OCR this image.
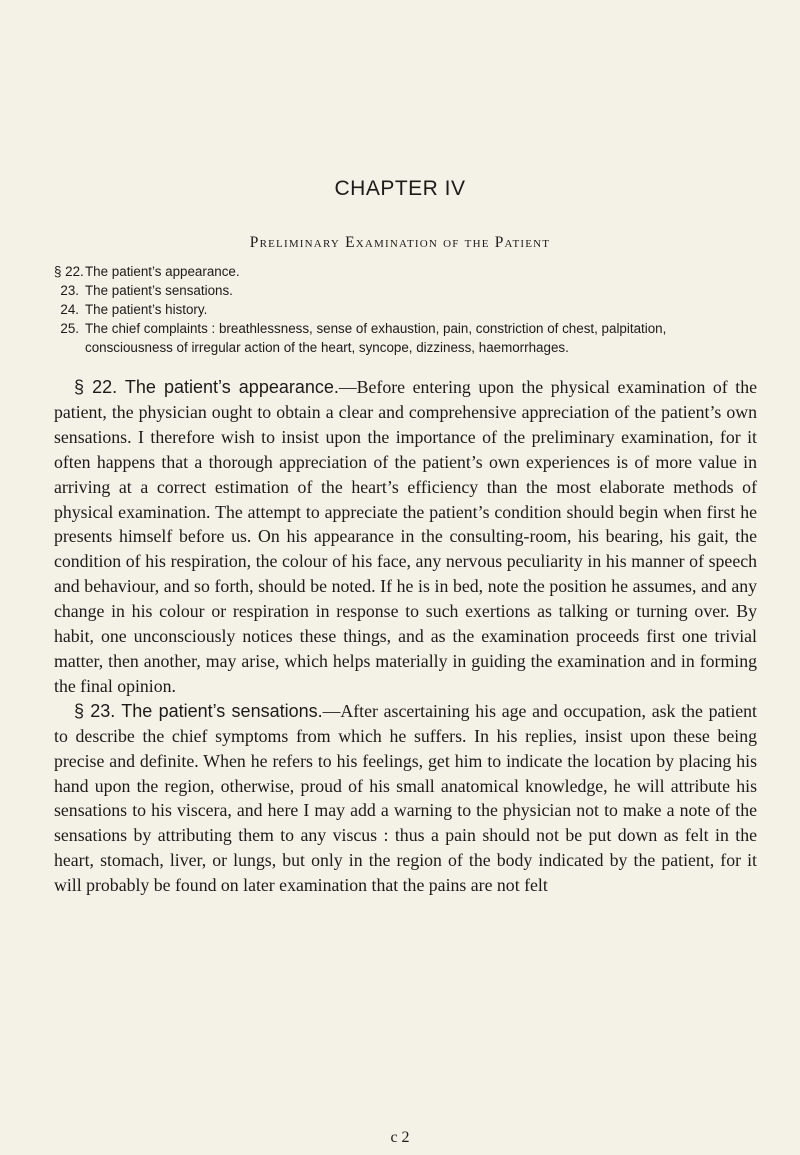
CHAPTER IV
Preliminary Examination of the Patient
§ 22. The patient’s appearance.
23. The patient’s sensations.
24. The patient’s history.
25. The chief complaints : breathlessness, sense of exhaustion, pain, constriction of chest, palpitation, consciousness of irregular action of the heart, syncope, dizziness, haemorrhages.

§ 22. The patient’s appearance.—Before entering upon the physical examination of the patient, the physician ought to obtain a clear and comprehensive appreciation of the patient’s own sensations. I therefore wish to insist upon the importance of the preliminary examination, for it often happens that a thorough appreciation of the patient’s own experiences is of more value in arriving at a correct estimation of the heart’s efficiency than the most elaborate methods of physical examination. The attempt to appreciate the patient’s condition should begin when first he presents himself before us. On his appearance in the consulting-room, his bearing, his gait, the condition of his respiration, the colour of his face, any nervous peculiarity in his manner of speech and behaviour, and so forth, should be noted. If he is in bed, note the position he assumes, and any change in his colour or respiration in response to such exertions as talking or turning over. By habit, one unconsciously notices these things, and as the examination proceeds first one trivial matter, then another, may arise, which helps materially in guiding the examination and in forming the final opinion.

§ 23. The patient’s sensations.—After ascertaining his age and occupation, ask the patient to describe the chief symptoms from which he suffers. In his replies, insist upon these being precise and definite. When he refers to his feelings, get him to indicate the location by placing his hand upon the region, otherwise, proud of his small anatomical knowledge, he will attribute his sensations to his viscera, and here I may add a warning to the physician not to make a note of the sensations by attributing them to any viscus : thus a pain should not be put down as felt in the heart, stomach, liver, or lungs, but only in the region of the body indicated by the patient, for it will probably be found on later examination that the pains are not felt

c 2
